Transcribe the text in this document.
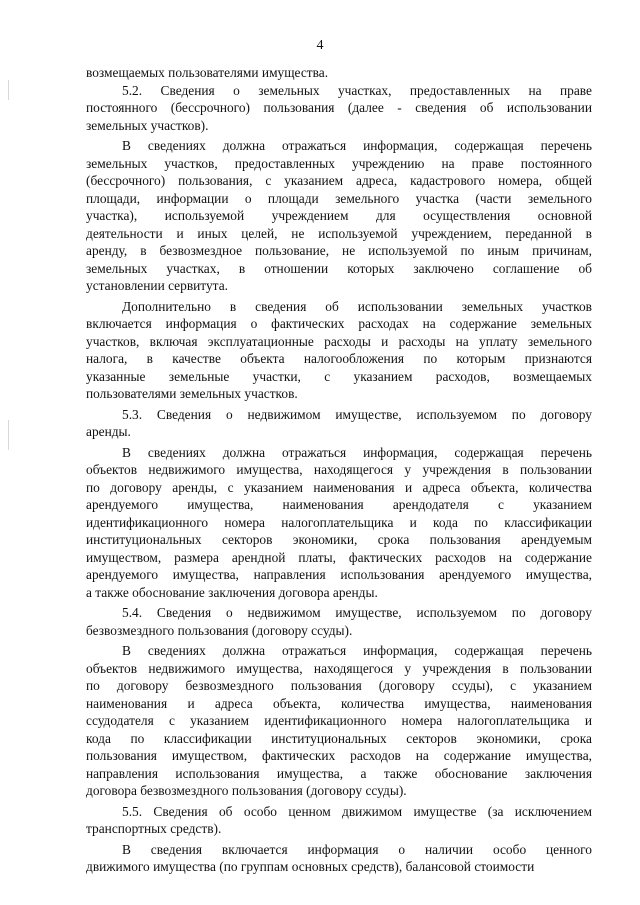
4
возмещаемых пользователями имущества.
5.2. Сведения о земельных участках, предоставленных на праве
постоянного (бессрочного) пользования (далее - сведения об использовании
земельных участков).
В сведениях должна отражаться информация, содержащая перечень
земельных участков, предоставленных учреждению на праве постоянного
(бессрочного) пользования, с указанием адреса, кадастрового номера, общей
площади, информации о площади земельного участка (части земельного
участка), используемой учреждением для осуществления основной
деятельности и иных целей, не используемой учреждением, переданной в
аренду, в безвозмездное пользование, не используемой по иным причинам,
земельных участках, в отношении которых заключено соглашение об
установлении сервитута.
Дополнительно в сведения об использовании земельных участков
включается информация о фактических расходах на содержание земельных
участков, включая эксплуатационные расходы и расходы на уплату земельного
налога, в качестве объекта налогообложения по которым признаются
указанные земельные участки, с указанием расходов, возмещаемых
пользователями земельных участков.
5.3. Сведения о недвижимом имуществе, используемом по договору
аренды.
В сведениях должна отражаться информация, содержащая перечень
объектов недвижимого имущества, находящегося у учреждения в пользовании
по договору аренды, с указанием наименования и адреса объекта, количества
арендуемого имущества, наименования арендодателя с указанием
идентификационного номера налогоплательщика и кода по классификации
институциональных секторов экономики, срока пользования арендуемым
имуществом, размера арендной платы, фактических расходов на содержание
арендуемого имущества, направления использования арендуемого имущества,
а также обоснование заключения договора аренды.
5.4. Сведения о недвижимом имуществе, используемом по договору
безвозмездного пользования (договору ссуды).
В сведениях должна отражаться информация, содержащая перечень
объектов недвижимого имущества, находящегося у учреждения в пользовании
по договору безвозмездного пользования (договору ссуды), с указанием
наименования и адреса объекта, количества имущества, наименования
ссудодателя с указанием идентификационного номера налогоплательщика и
кода по классификации институциональных секторов экономики, срока
пользования имуществом, фактических расходов на содержание имущества,
направления использования имущества, а также обоснование заключения
договора безвозмездного пользования (договору ссуды).
5.5. Сведения об особо ценном движимом имуществе (за исключением
транспортных средств).
В сведения включается информация о наличии особо ценного
движимого имущества (по группам основных средств), балансовой стоимости
